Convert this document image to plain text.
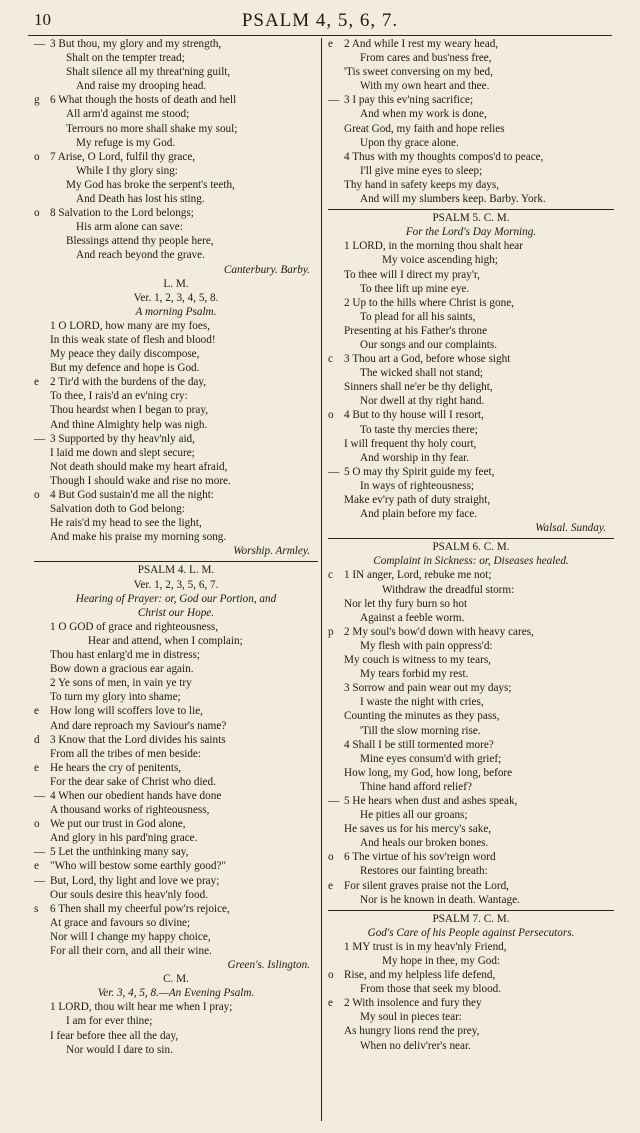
10	PSALM 4, 5, 6, 7.
— 3 But thou, my glory and my strength,
Shalt on the tempter tread;
Shalt silence all my threat'ning guilt,
And raise my drooping head.
g 6 What though the hosts of death and hell
All arm'd against me stood;
Terrours no more shall shake my soul;
My refuge is my God.
o 7 Arise, O Lord, fulfil thy grace,
While I thy glory sing:
My God has broke the serpent's teeth,
And Death has lost his sting.
o 8 Salvation to the Lord belongs;
His arm alone can save:
Blessings attend thy people here,
And reach beyond the grave.
Canterbury. Barby.
L. M.
Ver. 1, 2, 3, 4, 5, 8.
A morning Psalm.
1 O LORD, how many are my foes,
In this weak state of flesh and blood!
My peace they daily discompose,
But my defence and hope is God.
e 2 Tir'd with the burdens of the day,
To thee, I rais'd an ev'ning cry:
Thou heardst when I began to pray,
And thine Almighty help was nigh.
— 3 Supported by thy heav'nly aid,
I laid me down and slept secure;
Not death should make my heart afraid,
Though I should wake and rise no more.
o 4 But God sustain'd me all the night:
Salvation doth to God belong:
He rais'd my head to see the light,
And make his praise my morning song.
Worship. Armley.
PSALM 4. L. M.
Ver. 1, 2, 3, 5, 6, 7.
Hearing of Prayer: or, God our Portion, and
Christ our Hope.
1 O GOD of grace and righteousness,
Hear and attend, when I complain;
Thou hast enlarg'd me in distress;
Bow down a gracious ear again.
2 Ye sons of men, in vain ye try
To turn my glory into shame;
e How long will scoffers love to lie,
And dare reproach my Saviour's name?
d 3 Know that the Lord divides his saints
From all the tribes of men beside:
e He hears the cry of penitents,
For the dear sake of Christ who died.
— 4 When our obedient hands have done
A thousand works of righteousness,
o We put our trust in God alone,
And glory in his pard'ning grace.
— 5 Let the unthinking many say,
e "Who will bestow some earthly good?"
— But, Lord, thy light and love we pray;
Our souls desire this heav'nly food.
s 6 Then shall my cheerful pow'rs rejoice,
At grace and favours so divine;
Nor will I change my happy choice,
For all their corn, and all their wine.
Green's. Islington.
C. M.
Ver. 3, 4, 5, 8.—An Evening Psalm.
1 LORD, thou wilt hear me when I pray;
I am for ever thine;
I fear before thee all the day,
Nor would I dare to sin.
e 2 And while I rest my weary head,
From cares and bus'ness free,
'Tis sweet conversing on my bed,
With my own heart and thee.
— 3 I pay this ev'ning sacrifice;
And when my work is done,
Great God, my faith and hope relies
Upon thy grace alone.
4 Thus with my thoughts compos'd to peace,
I'll give mine eyes to sleep;
Thy hand in safety keeps my days,
And will my slumbers keep. Barby. York.
PSALM 5. C. M.
For the Lord's Day Morning.
1 LORD, in the morning thou shalt hear
My voice ascending high;
To thee will I direct my pray'r,
To thee lift up mine eye.
2 Up to the hills where Christ is gone,
To plead for all his saints,
Presenting at his Father's throne
Our songs and our complaints.
c 3 Thou art a God, before whose sight
The wicked shall not stand;
Sinners shall ne'er be thy delight,
Nor dwell at thy right hand.
o 4 But to thy house will I resort,
To taste thy mercies there;
I will frequent thy holy court,
And worship in thy fear.
— 5 O may thy Spirit guide my feet,
In ways of righteousness;
Make ev'ry path of duty straight,
And plain before my face.
Walsal. Sunday.
PSALM 6. C. M.
Complaint in Sickness: or, Diseases healed.
c 1 IN anger, Lord, rebuke me not;
Withdraw the dreadful storm:
Nor let thy fury burn so hot
Against a feeble worm.
p 2 My soul's bow'd down with heavy cares,
My flesh with pain oppress'd:
My couch is witness to my tears,
My tears forbid my rest.
3 Sorrow and pain wear out my days;
I waste the night with cries,
Counting the minutes as they pass,
'Till the slow morning rise.
4 Shall I be still tormented more?
Mine eyes consum'd with grief;
How long, my God, how long, before
Thine hand afford relief?
— 5 He hears when dust and ashes speak,
He pities all our groans;
He saves us for his mercy's sake,
And heals our broken bones.
o 6 The virtue of his sov'reign word
Restores our fainting breath:
e For silent graves praise not the Lord,
Nor is he known in death. Wantage.
PSALM 7. C. M.
God's Care of his People against Persecutors.
1 MY trust is in my heav'nly Friend,
My hope in thee, my God:
o Rise, and my helpless life defend,
From those that seek my blood.
e 2 With insolence and fury they
My soul in pieces tear:
As hungry lions rend the prey,
When no deliv'rer's near.
